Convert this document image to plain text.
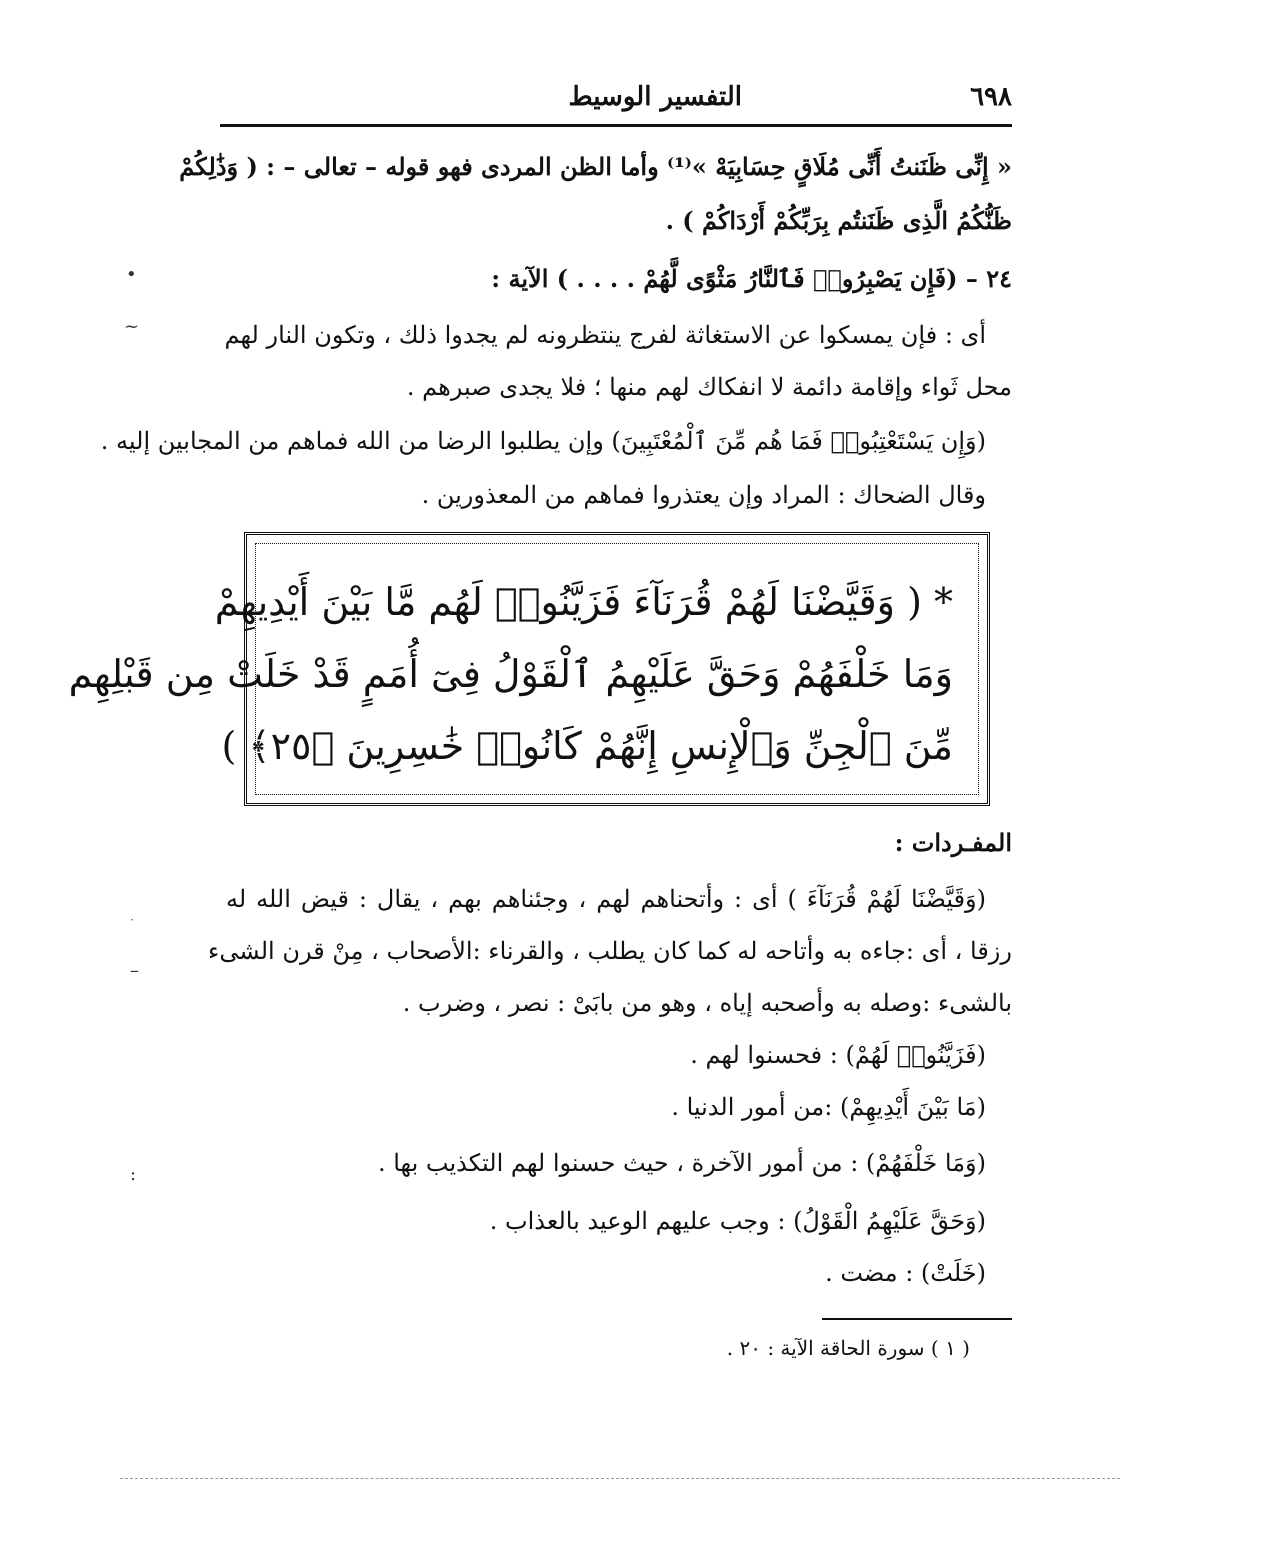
٦٩٨
التفسير الوسيط
« إِنِّى ظَنَنتُ أَنِّى مُلَاقٍ حِسَابِيَهْ »⁽¹⁾ وأما الظن المردى فهو قوله – تعالى – : ( وَذَٰلِكُمْ
ظَنُّكُمُ الَّذِى ظَنَنتُم بِرَبِّكُمْ أَرْدَاكُمْ ) .
٢٤ – (فَإِن يَصْبِرُوا۟ فَٱلنَّارُ مَثْوًى لَّهُمْ . . . . ) الآية :
أى : فإن يمسكوا عن الاستغاثة لفرج ينتظرونه لم يجدوا ذلك ، وتكون النار لهم
محل ثَواء وإقامة دائمة لا انفكاك لهم منها ؛ فلا يجدى صبرهم .
(وَإِن يَسْتَعْتِبُوا۟ فَمَا هُم مِّنَ ٱلْمُعْتَبِينَ) وإن يطلبوا الرضا من الله فماهم من المجابين إليه .
وقال الضحاك : المراد وإن يعتذروا فماهم من المعذورين .
* ( وَقَيَّضْنَا لَهُمْ قُرَنَآءَ فَزَيَّنُوا۟ لَهُم مَّا بَيْنَ أَيْدِيهِمْ
وَمَا خَلْفَهُمْ وَحَقَّ عَلَيْهِمُ ٱلْقَوْلُ فِىٓ أُمَمٍ قَدْ خَلَتْ مِن قَبْلِهِم
مِّنَ ٱلْجِنِّ وَٱلْإِنسِ إِنَّهُمْ كَانُوا۟ خَٰسِرِينَ ﴿٢٥﴾ )
المفـردات :
(وَقَيَّضْنَا لَهُمْ قُرَنَآءَ ) أى : وأتحناهم لهم ، وجئناهم بهم ، يقال : قيض الله له
رزقا ، أى :جاءه به وأتاحه له كما كان يطلب ، والقرناء :الأصحاب ، مِنْ قرن الشىء
بالشىء :وصله به وأصحبه إياه ، وهو من بابَىْ : نصر ، وضرب .
(فَزَيَّنُوا۟ لَهُمْ) : فحسنوا لهم .
(مَا بَيْنَ أَيْدِيهِمْ) :من أمور الدنيا .
(وَمَا خَلْفَهُمْ) : من أمور الآخرة ، حيث حسنوا لهم التكذيب بها .
(وَحَقَّ عَلَيْهِمُ الْقَوْلُ) : وجب عليهم الوعيد بالعذاب .
(خَلَتْ) : مضت .
( ١ ) سورة الحاقة الآية : ٢٠ .
•
~
–
:
